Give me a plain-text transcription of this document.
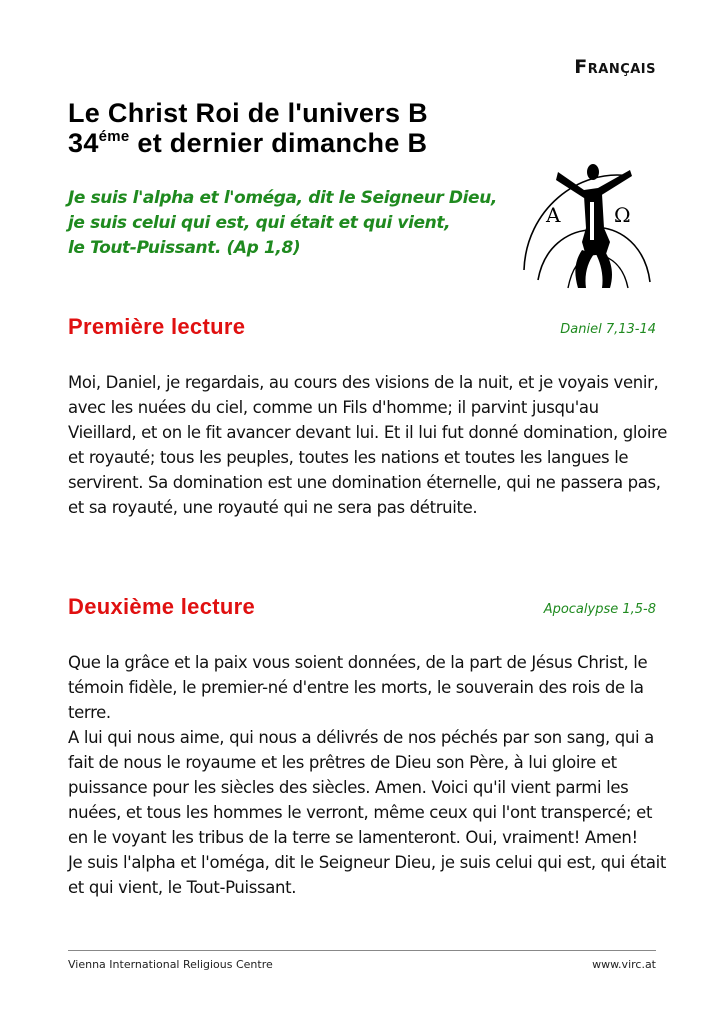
Français
Le Christ Roi de l'univers B
$34^{éme}$ et dernier dimanche B
Je suis l'alpha et l'oméga, dit le Seigneur Dieu,
je suis celui qui est, qui était et qui vient,
le Tout-Puissant. (Ap 1,8)
A	Ω
Première lecture	Daniel 7,13-14

Moi, Daniel, je regardais, au cours des visions de la nuit, et je voyais venir, avec les nuées du ciel, comme un Fils d'homme; il parvint jusqu'au Vieillard, et on le fit avancer devant lui. Et il lui fut donné domination, gloire et royauté; tous les peuples, toutes les nations et toutes les langues le servirent. Sa domination est une domination éternelle, qui ne passera pas, et sa royauté, une royauté qui ne sera pas détruite.

Deuxième lecture	Apocalypse 1,5-8

Que la grâce et la paix vous soient données, de la part de Jésus Christ, le témoin fidèle, le premier-né d'entre les morts, le souverain des rois de la terre.

A lui qui nous aime, qui nous a délivrés de nos péchés par son sang, qui a fait de nous le royaume et les prêtres de Dieu son Père, à lui gloire et puissance pour les siècles des siècles. Amen. Voici qu'il vient parmi les nuées, et tous les hommes le verront, même ceux qui l'ont transpercé; et en le voyant les tribus de la terre se lamenteront. Oui, vraiment! Amen!

Je suis l'alpha et l'oméga, dit le Seigneur Dieu, je suis celui qui est, qui était et qui vient, le Tout-Puissant.

Vienna International Religious Centre	www.virc.at
